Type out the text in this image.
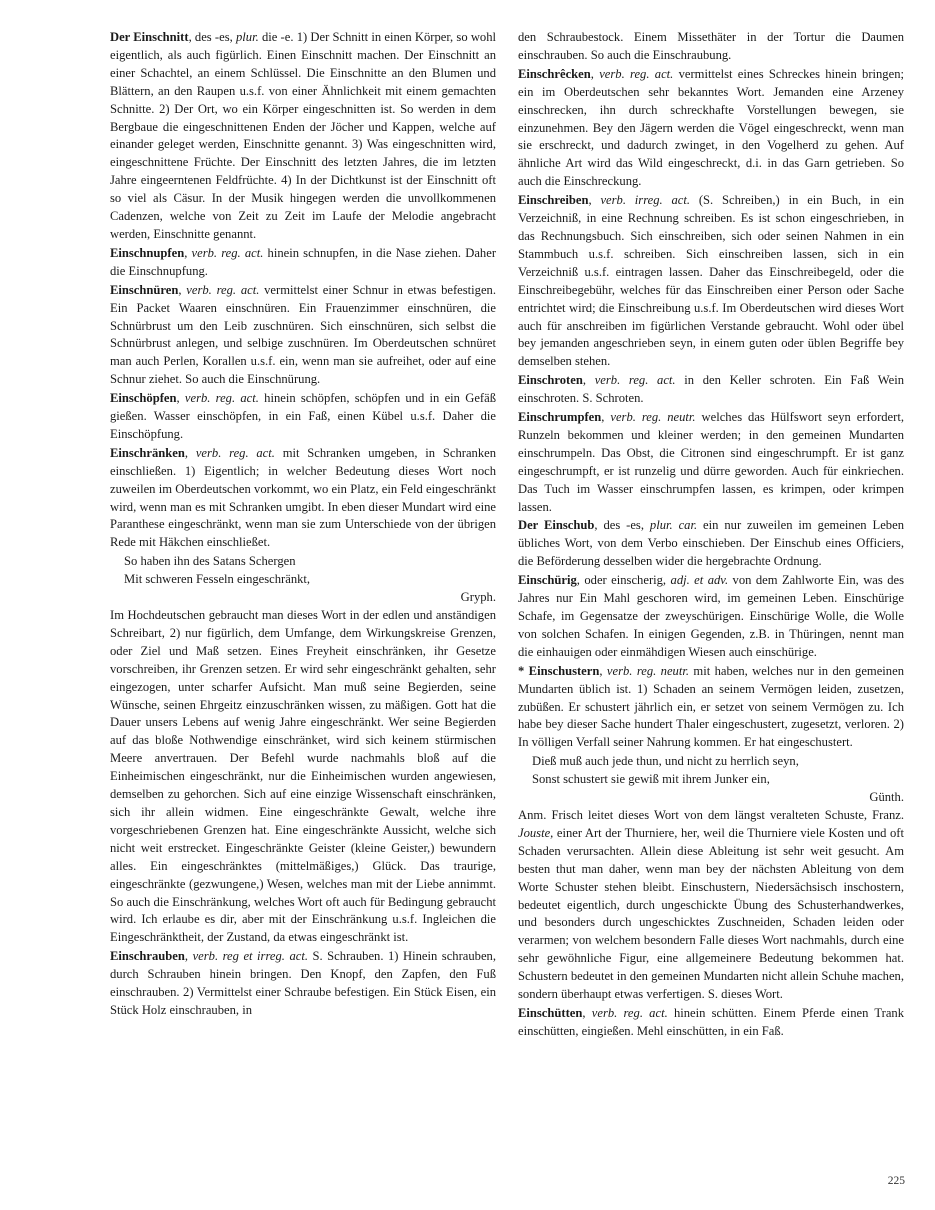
Der Einschnitt, des -es, plur. die -e. 1) Der Schnitt in einen Körper, so wohl eigentlich, als auch figürlich. Einen Einschnitt machen. Der Einschnitt an einer Schachtel, an einem Schlüssel. Die Einschnitte an den Blumen und Blättern, an den Raupen u.s.f. von einer Ähnlichkeit mit einem gemachten Schnitte. 2) Der Ort, wo ein Körper eingeschnitten ist. So werden in dem Bergbaue die eingeschnittenen Enden der Jöcher und Kappen, welche auf einander geleget werden, Einschnitte genannt. 3) Was eingeschnitten wird, eingeschnittene Früchte. Der Einschnitt des letzten Jahres, die im letzten Jahre eingeerntenen Feldfrüchte. 4) In der Dichtkunst ist der Einschnitt oft so viel als Cäsur. In der Musik hingegen werden die unvollkommenen Cadenzen, welche von Zeit zu Zeit im Laufe der Melodie angebracht werden, Einschnitte genannt.

Einschnupfen, verb. reg. act. hinein schnupfen, in die Nase ziehen. Daher die Einschnupfung.

Einschnüren, verb. reg. act. vermittelst einer Schnur in etwas befestigen. Ein Packet Waaren einschnüren. Ein Frauenzimmer einschnüren, die Schnürbrust um den Leib zuschnüren. Sich einschnüren, sich selbst die Schnürbrust anlegen, und selbige zuschnüren. Im Oberdeutschen schnüret man auch Perlen, Korallen u.s.f. ein, wenn man sie aufreihet, oder auf eine Schnur ziehet. So auch die Einschnürung.

Einschöpfen, verb. reg. act. hinein schöpfen, schöpfen und in ein Gefäß gießen. Wasser einschöpfen, in ein Faß, einen Kübel u.s.f. Daher die Einschöpfung.

Einschränken, verb. reg. act. mit Schranken umgeben, in Schranken einschließen. 1) Eigentlich; in welcher Bedeutung dieses Wort noch zuweilen im Oberdeutschen vorkommt, wo ein Platz, ein Feld eingeschränkt wird, wenn man es mit Schranken umgibt. In eben dieser Mundart wird eine Paranthese eingeschränkt, wenn man sie zum Unterschiede von der übrigen Rede mit Häkchen einschließet.

So haben ihn des Satans Schergen

Mit schweren Fesseln eingeschränkt,

Gryph.

Im Hochdeutschen gebraucht man dieses Wort in der edlen und anständigen Schreibart, 2) nur figürlich, dem Umfange, dem Wirkungskreise Grenzen, oder Ziel und Maß setzen. Eines Freyheit einschränken, ihr Gesetze vorschreiben, ihr Grenzen setzen. Er wird sehr eingeschränkt gehalten, sehr eingezogen, unter scharfer Aufsicht. Man muß seine Begierden, seine Wünsche, seinen Ehrgeitz einzuschränken wissen, zu mäßigen. Gott hat die Dauer unsers Lebens auf wenig Jahre eingeschränkt. Wer seine Begierden auf das bloße Nothwendige einschränket, wird sich keinem stürmischen Meere anvertrauen. Der Befehl wurde nachmahls bloß auf die Einheimischen eingeschränkt, nur die Einheimischen wurden angewiesen, demselben zu gehorchen. Sich auf eine einzige Wissenschaft einschränken, sich ihr allein widmen. Eine eingeschränkte Gewalt, welche ihre vorgeschriebenen Grenzen hat. Eine eingeschränkte Aussicht, welche sich nicht weit erstrecket. Eingeschränkte Geister (kleine Geister,) bewundern alles. Ein eingeschränktes (mittelmäßiges,) Glück. Das traurige, eingeschränkte (gezwungene,) Wesen, welches man mit der Liebe annimmt. So auch die Einschränkung, welches Wort oft auch für Bedingung gebraucht wird. Ich erlaube es dir, aber mit der Einschränkung u.s.f. Ingleichen die Eingeschränktheit, der Zustand, da etwas eingeschränkt ist.

Einschrauben, verb. reg et irreg. act. S. Schrauben. 1) Hinein schrauben, durch Schrauben hinein bringen. Den Knopf, den Zapfen, den Fuß einschrauben. 2) Vermittelst einer Schraube befestigen. Ein Stück Eisen, ein Stück Holz einschrauben, in

den Schraubestock. Einem Missethäter in der Tortur die Daumen einschrauben. So auch die Einschraubung.

Einschrêcken, verb. reg. act. vermittelst eines Schreckes hinein bringen; ein im Oberdeutschen sehr bekanntes Wort. Jemanden eine Arzeney einschrecken, ihn durch schreckhafte Vorstellungen bewegen, sie einzunehmen. Bey den Jägern werden die Vögel eingeschreckt, wenn man sie erschreckt, und dadurch zwinget, in den Vogelherd zu gehen. Auf ähnliche Art wird das Wild eingeschreckt, d.i. in das Garn getrieben. So auch die Einschreckung.

Einschreiben, verb. irreg. act. (S. Schreiben,) in ein Buch, in ein Verzeichniß, in eine Rechnung schreiben. Es ist schon eingeschrieben, in das Rechnungsbuch. Sich einschreiben, sich oder seinen Nahmen in ein Stammbuch u.s.f. schreiben. Sich einschreiben lassen, sich in ein Verzeichniß u.s.f. eintragen lassen. Daher das Einschreibegeld, oder die Einschreibegebühr, welches für das Einschreiben einer Person oder Sache entrichtet wird; die Einschreibung u.s.f. Im Oberdeutschen wird dieses Wort auch für anschreiben im figürlichen Verstande gebraucht. Wohl oder übel bey jemanden angeschrieben seyn, in einem guten oder üblen Begriffe bey demselben stehen.

Einschroten, verb. reg. act. in den Keller schroten. Ein Faß Wein einschroten. S. Schroten.

Einschrumpfen, verb. reg. neutr. welches das Hülfswort seyn erfordert, Runzeln bekommen und kleiner werden; in den gemeinen Mundarten einschrumpeln. Das Obst, die Citronen sind eingeschrumpft. Er ist ganz eingeschrumpft, er ist runzelig und dürre geworden. Auch für einkriechen. Das Tuch im Wasser einschrumpfen lassen, es krimpen, oder krimpen lassen.

Der Einschub, des -es, plur. car. ein nur zuweilen im gemeinen Leben übliches Wort, von dem Verbo einschieben. Der Einschub eines Officiers, die Beförderung desselben wider die hergebrachte Ordnung.

Einschürig, oder einscherig, adj. et adv. von dem Zahlworte Ein, was des Jahres nur Ein Mahl geschoren wird, im gemeinen Leben. Einschürige Schafe, im Gegensatze der zweyschürigen. Einschürige Wolle, die Wolle von solchen Schafen. In einigen Gegenden, z.B. in Thüringen, nennt man die einhauigen oder einmähdigen Wiesen auch einschürige.

* Einschustern, verb. reg. neutr. mit haben, welches nur in den gemeinen Mundarten üblich ist. 1) Schaden an seinem Vermögen leiden, zusetzen, zubüßen. Er schustert jährlich ein, er setzet von seinem Vermögen zu. Ich habe bey dieser Sache hundert Thaler eingeschustert, zugesetzt, verloren. 2) In völligen Verfall seiner Nahrung kommen. Er hat eingeschustert.

Dieß muß auch jede thun, und nicht zu herrlich seyn,

Sonst schustert sie gewiß mit ihrem Junker ein,

Günth.

Anm. Frisch leitet dieses Wort von dem längst veralteten Schuste, Franz. Jouste, einer Art der Thurniere, her, weil die Thurniere viele Kosten und oft Schaden verursachten. Allein diese Ableitung ist sehr weit gesucht. Am besten thut man daher, wenn man bey der nächsten Ableitung von dem Worte Schuster stehen bleibt. Einschustern, Niedersächsisch inschostern, bedeutet eigentlich, durch ungeschickte Übung des Schusterhandwerkes, und besonders durch ungeschicktes Zuschneiden, Schaden leiden oder verarmen; von welchem besondern Falle dieses Wort nachmahls, durch eine sehr gewöhnliche Figur, eine allgemeinere Bedeutung bekommen hat. Schustern bedeutet in den gemeinen Mundarten nicht allein Schuhe machen, sondern überhaupt etwas verfertigen. S. dieses Wort.

Einschütten, verb. reg. act. hinein schütten. Einem Pferde einen Trank einschütten, eingießen. Mehl einschütten, in ein Faß.

225
